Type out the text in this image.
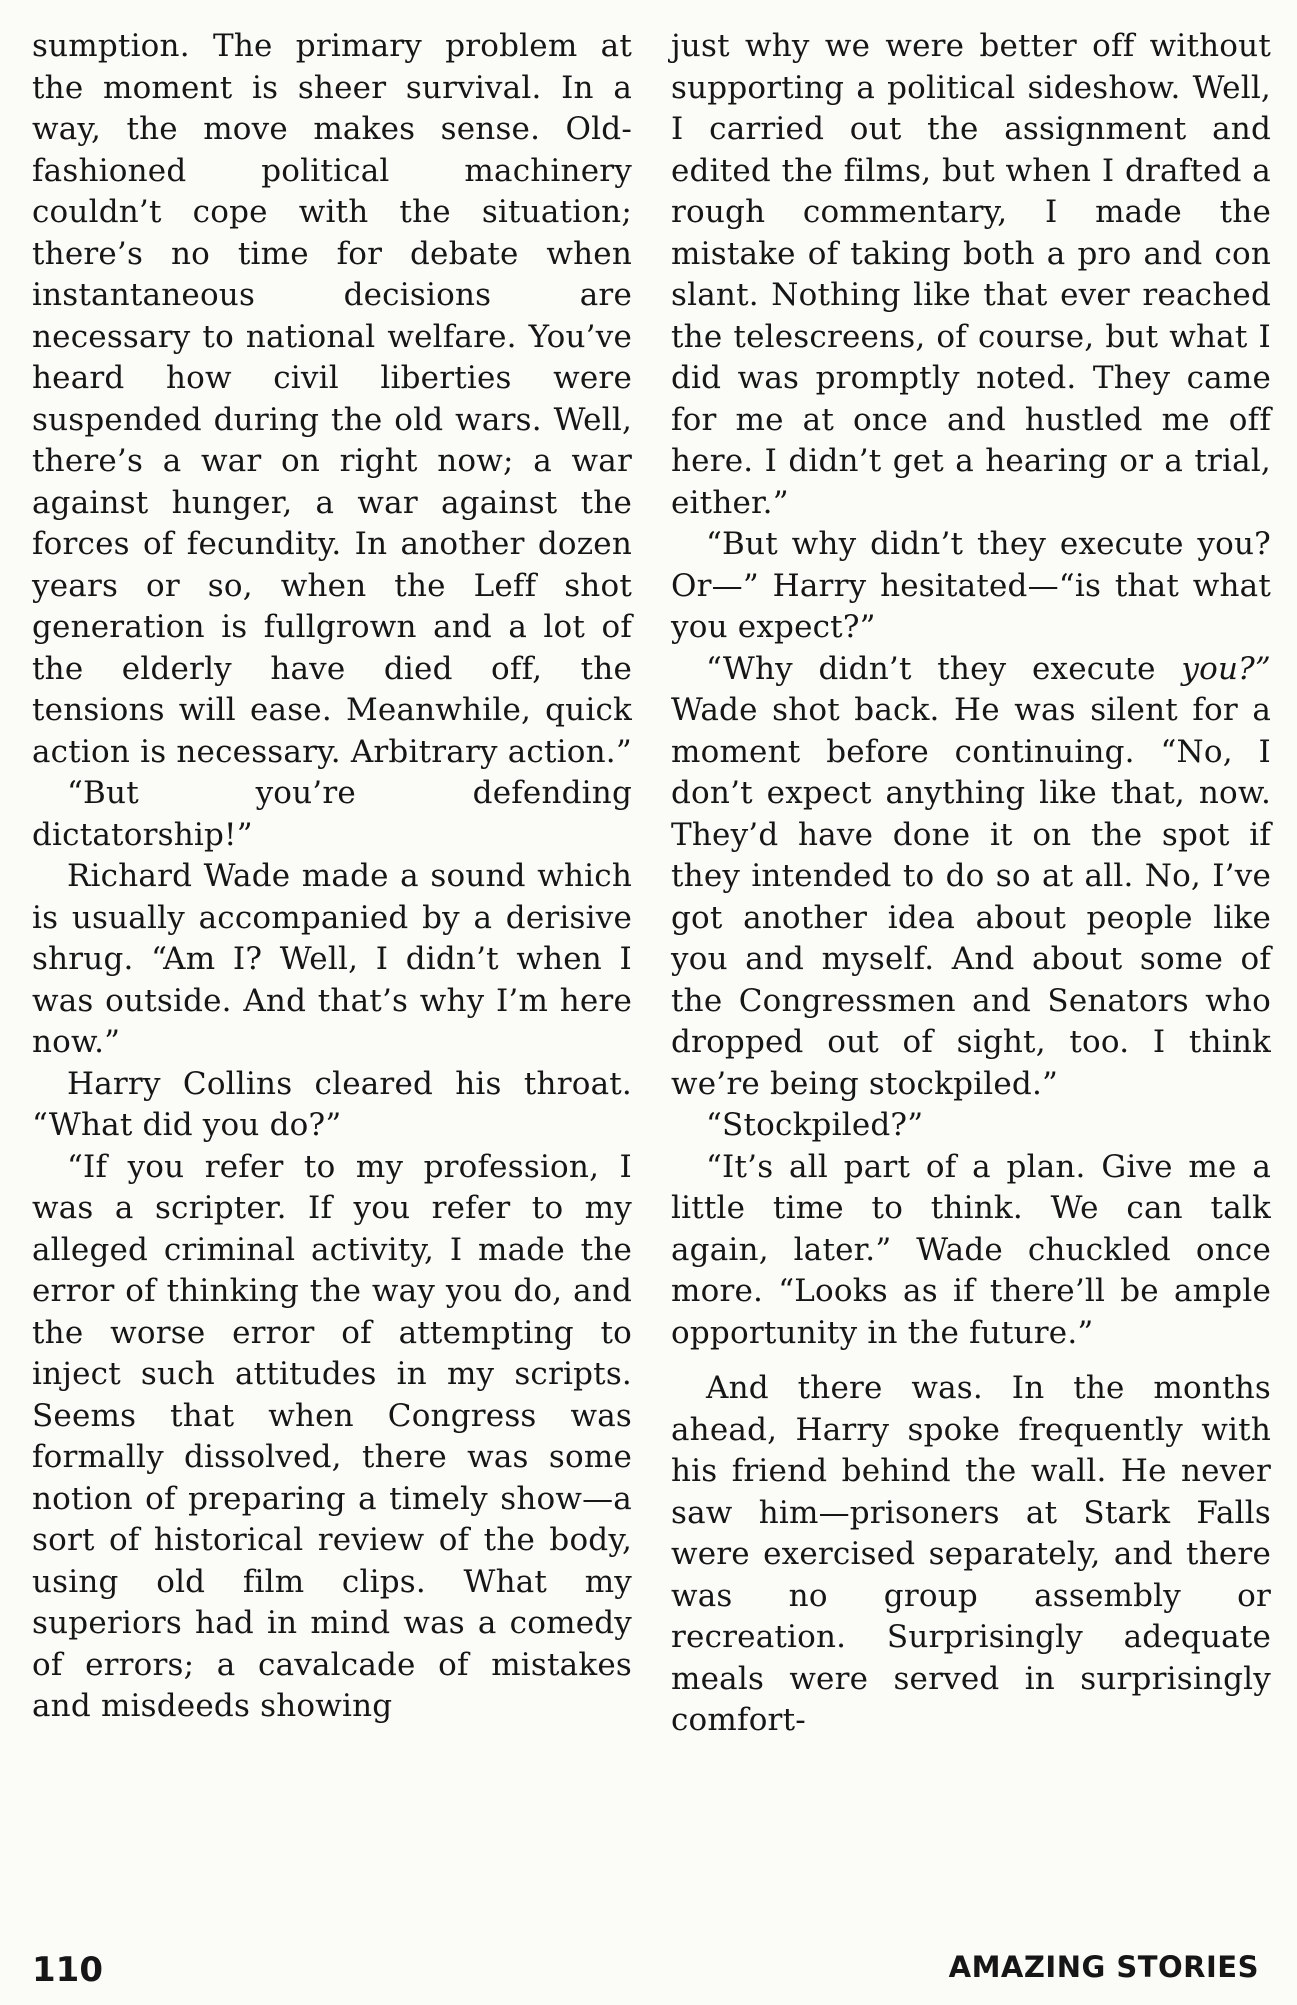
sumption. The primary problem at the moment is sheer survival. In a way, the move makes sense. Old-fashioned political machinery couldn’t cope with the situation; there’s no time for debate when instantaneous decisions are necessary to national welfare. You’ve heard how civil liberties were suspended during the old wars. Well, there’s a war on right now; a war against hunger, a war against the forces of fecundity. In another dozen years or so, when the Leff shot generation is fullgrown and a lot of the elderly have died off, the tensions will ease. Meanwhile, quick action is necessary. Arbitrary action.”

“But you’re defending dictatorship!”

Richard Wade made a sound which is usually accompanied by a derisive shrug. “Am I? Well, I didn’t when I was outside. And that’s why I’m here now.”

Harry Collins cleared his throat. “What did you do?”

“If you refer to my profession, I was a scripter. If you refer to my alleged criminal activity, I made the error of thinking the way you do, and the worse error of attempting to inject such attitudes in my scripts. Seems that when Congress was formally dissolved, there was some notion of preparing a timely show—a sort of historical review of the body, using old film clips. What my superiors had in mind was a comedy of errors; a cavalcade of mistakes and misdeeds showing

just why we were better off without supporting a political sideshow. Well, I carried out the assignment and edited the films, but when I drafted a rough commentary, I made the mistake of taking both a pro and con slant. Nothing like that ever reached the telescreens, of course, but what I did was promptly noted. They came for me at once and hustled me off here. I didn’t get a hearing or a trial, either.”

“But why didn’t they execute you? Or—” Harry hesitated—“is that what you expect?”

“Why didn’t they execute you?” Wade shot back. He was silent for a moment before continuing. “No, I don’t expect anything like that, now. They’d have done it on the spot if they intended to do so at all. No, I’ve got another idea about people like you and myself. And about some of the Congressmen and Senators who dropped out of sight, too. I think we’re being stockpiled.”

“Stockpiled?”

“It’s all part of a plan. Give me a little time to think. We can talk again, later.” Wade chuckled once more. “Looks as if there’ll be ample opportunity in the future.”

And there was. In the months ahead, Harry spoke frequently with his friend behind the wall. He never saw him—prisoners at Stark Falls were exercised separately, and there was no group assembly or recreation. Surprisingly adequate meals were served in surprisingly comfort-

110	AMAZING STORIES
